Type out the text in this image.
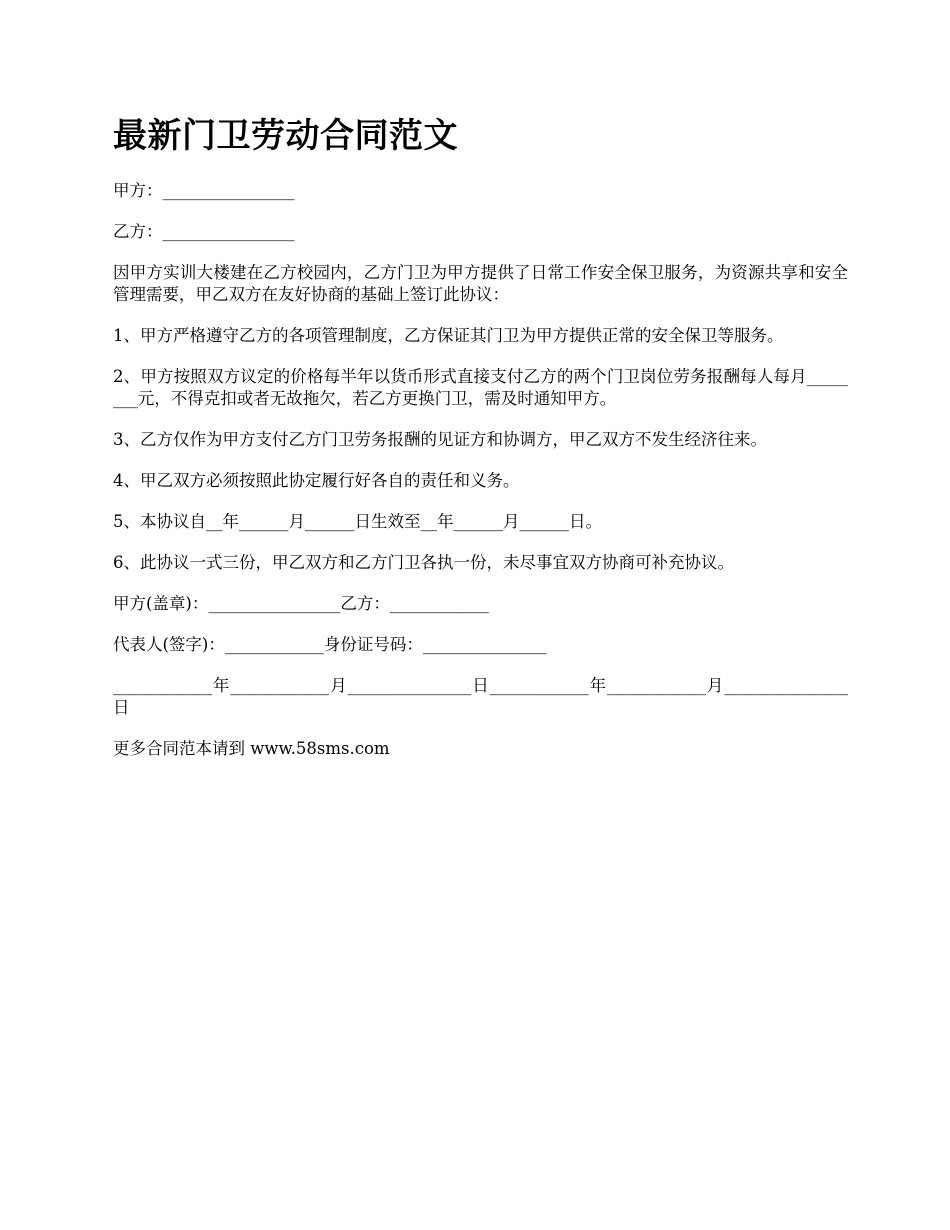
最新门卫劳动合同范文

甲方：________________

乙方：________________

因甲方实训大楼建在乙方校园内，乙方门卫为甲方提供了日常工作安全保卫服务，为资源共享和安全管理需要，甲乙双方在友好协商的基础上签订此协议：

1、甲方严格遵守乙方的各项管理制度，乙方保证其门卫为甲方提供正常的安全保卫等服务。

2、甲方按照双方议定的价格每半年以货币形式直接支付乙方的两个门卫岗位劳务报酬每人每月________元，不得克扣或者无故拖欠，若乙方更换门卫，需及时通知甲方。

3、乙方仅作为甲方支付乙方门卫劳务报酬的见证方和协调方，甲乙双方不发生经济往来。

4、甲乙双方必须按照此协定履行好各自的责任和义务。

5、本协议自__年______月______日生效至__年______月______日。

6、此协议一式三份，甲乙双方和乙方门卫各执一份，未尽事宜双方协商可补充协议。

甲方(盖章)：________________乙方：____________

代表人(签字)：____________身份证号码：_______________

____________年____________月_______________日____________年____________月_______________日

更多合同范本请到 www.58sms.com
